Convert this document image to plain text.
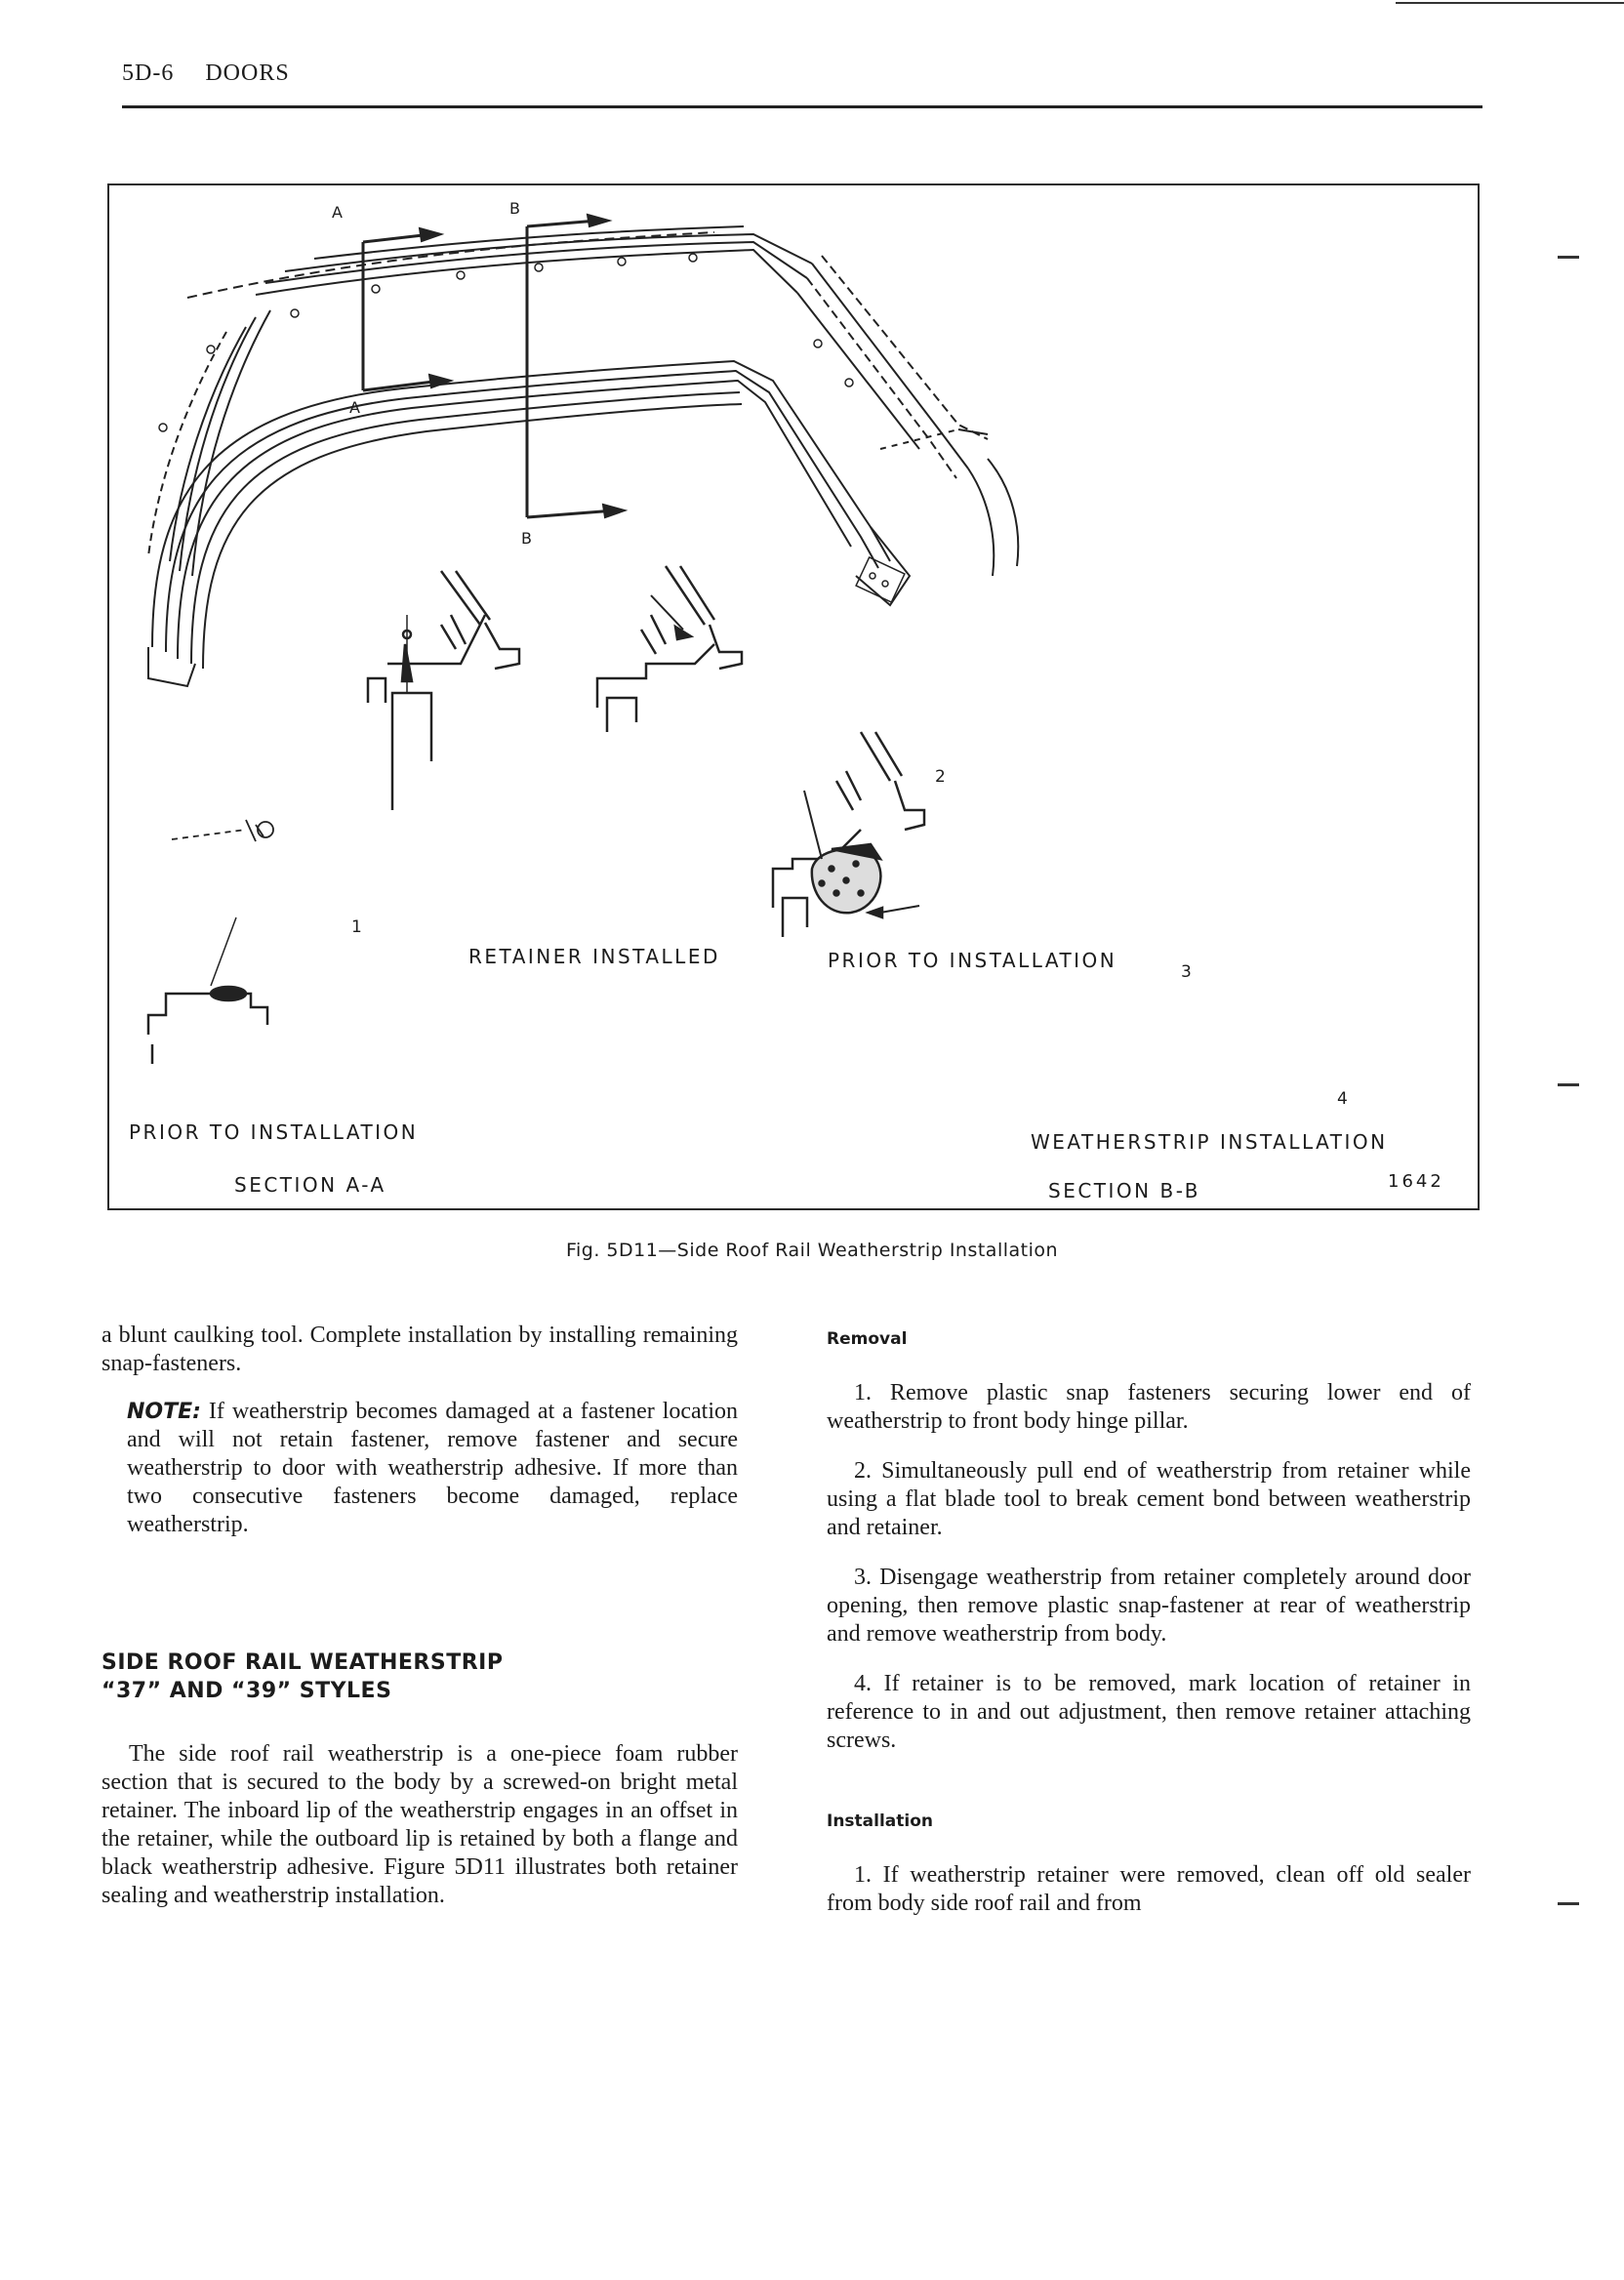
5D-6 DOORS
A
A
B
B
1
2
3
4
RETAINER INSTALLED	PRIOR TO INSTALLATION
PRIOR TO INSTALLATION	WEATHERSTRIP INSTALLATION
SECTION A-A	SECTION B-B	1642
Fig. 5D11—Side Roof Rail Weatherstrip Installation

a blunt caulking tool. Complete installation by installing remaining snap-fasteners.

NOTE: If weatherstrip becomes damaged at a fastener location and will not retain fastener, remove fastener and secure weatherstrip to door with weatherstrip adhesive. If more than two consecutive fasteners become damaged, replace weatherstrip.

SIDE ROOF RAIL WEATHERSTRIP
“37” AND “39” STYLES

The side roof rail weatherstrip is a one-piece foam rubber section that is secured to the body by a screwed-on bright metal retainer. The inboard lip of the weatherstrip engages in an offset in the retainer, while the outboard lip is retained by both a flange and black weatherstrip adhesive. Figure 5D11 illustrates both retainer sealing and weatherstrip installation.

Removal

1. Remove plastic snap fasteners securing lower end of weatherstrip to front body hinge pillar.

2. Simultaneously pull end of weatherstrip from retainer while using a flat blade tool to break cement bond between weatherstrip and retainer.

3. Disengage weatherstrip from retainer completely around door opening, then remove plastic snap-fastener at rear of weatherstrip and remove weatherstrip from body.

4. If retainer is to be removed, mark location of retainer in reference to in and out adjustment, then remove retainer attaching screws.

Installation

1. If weatherstrip retainer were removed, clean off old sealer from body side roof rail and from
